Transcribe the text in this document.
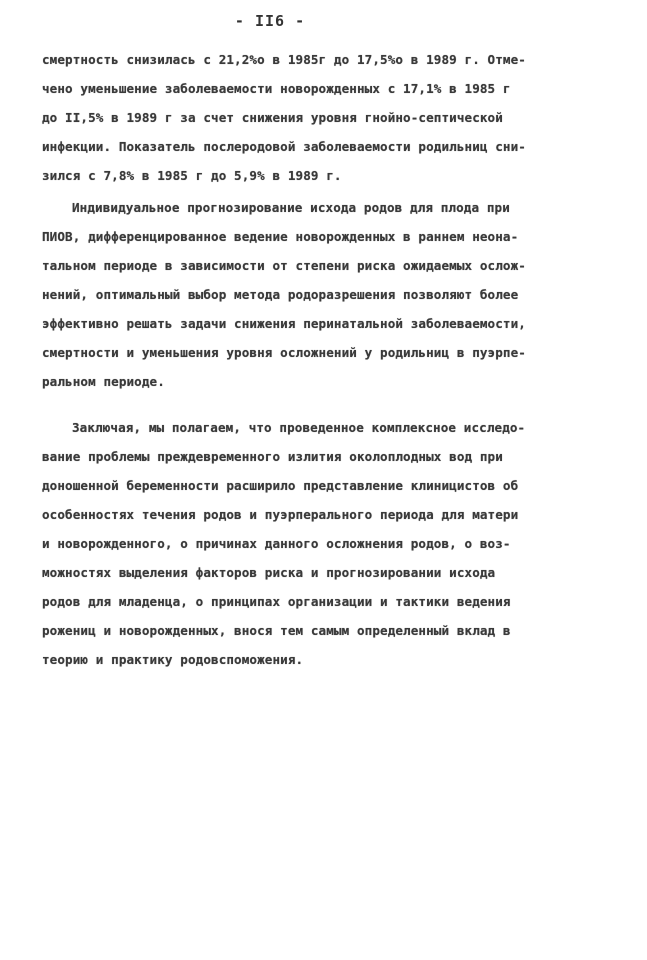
- II6 -
смертность снизилась с 21,2%о в 1985г до 17,5%о в 1989 г. Отме-
чено уменьшение заболеваемости новорожденных с 17,1% в 1985 г
до II,5% в 1989 г за счет снижения уровня гнойно-септической
инфекции. Показатель послеродовой заболеваемости родильниц сни-
зился с 7,8% в 1985 г до 5,9% в 1989 г.
Индивидуальное прогнозирование исхода родов для плода при
ПИОВ, дифференцированное ведение новорожденных в раннем неона-
тальном периоде в зависимости от степени риска ожидаемых ослож-
нений, оптимальный выбор метода родоразрешения позволяют более
эффективно решать задачи снижения перинатальной заболеваемости,
смертности и уменьшения уровня осложнений у родильниц в пуэрпе-
ральном периоде.
Заключая, мы полагаем, что проведенное комплексное исследо-
вание проблемы преждевременного излития околоплодных вод при
доношенной беременности расширило представление клиницистов об
особенностях течения родов и пуэрперального периода для матери
и новорожденного, о причинах данного осложнения родов, о воз-
можностях выделения факторов риска и прогнозировании исхода
родов для младенца, о принципах организации и тактики ведения
рожениц и новорожденных, внося тем самым определенный вклад в
теорию и практику родовспоможения.
